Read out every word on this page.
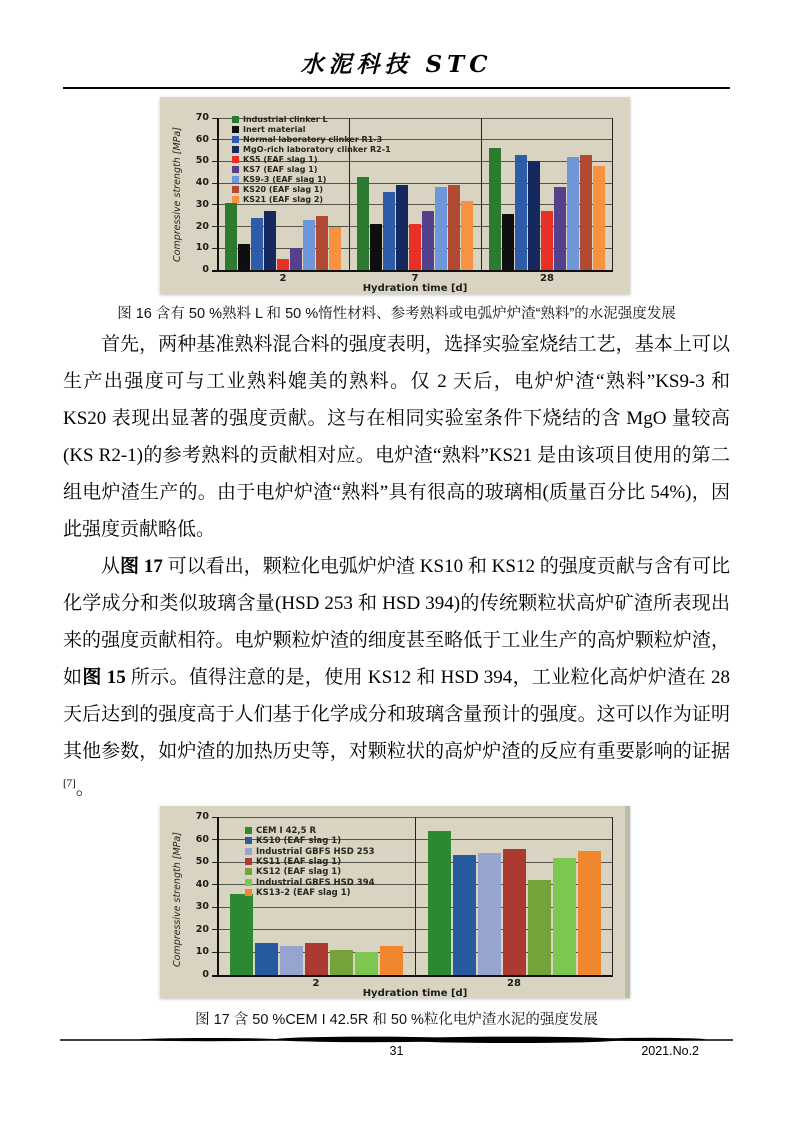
水泥科技 STC
0
10
20
30
40
50
60
70
2	7	28
Hydration time [d]
Compressive strength [MPa]
Industrial clinker L
Inert material
Normal laboratory clinker R1-3
MgO-rich laboratory clinker R2-1
KS5 (EAF slag 1)
KS7 (EAF slag 1)
KS9-3 (EAF slag 1)
KS20 (EAF slag 1)
KS21 (EAF slag 2)
图 16 含有 50 %熟料 L 和 50 %惰性材料、参考熟料或电弧炉炉渣“熟料”的水泥强度发展

首先，两种基准熟料混合料的强度表明，选择实验室烧结工艺，基本上可以生产出强度可与工业熟料媲美的熟料。仅 2 天后，电炉炉渣“熟料”KS9-3 和 KS20 表现出显著的强度贡献。这与在相同实验室条件下烧结的含 MgO 量较高(KS R2-1)的参考熟料的贡献相对应。电炉渣“熟料”KS21 是由该项目使用的第二组电炉渣生产的。由于电炉炉渣“熟料”具有很高的玻璃相(质量百分比 54%)，因此强度贡献略低。

从图 17 可以看出，颗粒化电弧炉炉渣 KS10 和 KS12 的强度贡献与含有可比化学成分和类似玻璃含量(HSD 253 和 HSD 394)的传统颗粒状高炉矿渣所表现出来的强度贡献相符。电炉颗粒炉渣的细度甚至略低于工业生产的高炉颗粒炉渣，如图 15 所示。值得注意的是，使用 KS12 和 HSD 394，工业粒化高炉炉渣在 28 天后达到的强度高于人们基于化学成分和玻璃含量预计的强度。这可以作为证明其他参数，如炉渣的加热历史等，对颗粒状的高炉炉渣的反应有重要影响的证据[7]。

0
10
20
30
40
50
60
70
2	28
Hydration time [d]
Compressive strength [MPa]
CEM I 42,5 R
KS10 (EAF slag 1)
Industrial GBFS HSD 253
KS11 (EAF slag 1)
KS12 (EAF slag 1)
Industrial GBFS HSD 394
KS13-2 (EAF slag 1)
图 17 含 50 %CEM I 42.5R 和 50 %粒化电炉渣水泥的强度发展
31	2021.No.2
